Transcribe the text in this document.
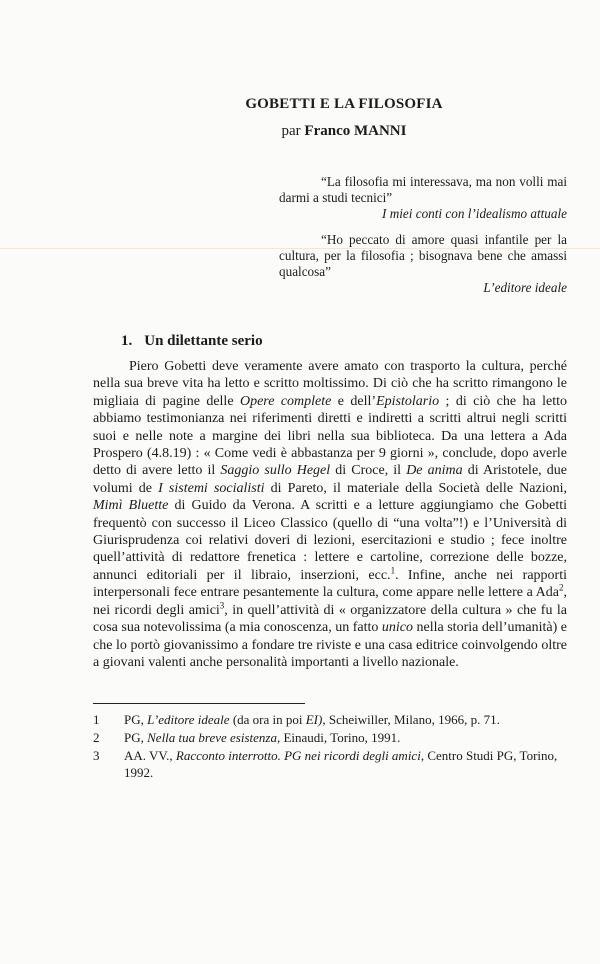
GOBETTI E LA FILOSOFIA
par Franco MANNI

“La filosofia mi interessava, ma non volli mai darmi a studi tecnici”

I miei conti con l’idealismo attuale

“Ho peccato di amore quasi infantile per la cultura, per la filosofia ; bisognava bene che amassi qualcosa”

L’editore ideale

1. Un dilettante serio

Piero Gobetti deve veramente avere amato con trasporto la cultura, perché nella sua breve vita ha letto e scritto moltissimo. Di ciò che ha scritto rimangono le migliaia di pagine delle Opere complete e dell’Epistolario ; di ciò che ha letto abbiamo testimonianza nei riferimenti diretti e indiretti a scritti altrui negli scritti suoi e nelle note a margine dei libri nella sua biblioteca. Da una lettera a Ada Prospero (4.8.19) : « Come vedi è abbastanza per 9 giorni », conclude, dopo averle detto di avere letto il Saggio sullo Hegel di Croce, il De anima di Aristotele, due volumi de I sistemi socialisti di Pareto, il materiale della Società delle Nazioni, Mimì Bluette di Guido da Verona. A scritti e a letture aggiungiamo che Gobetti frequentò con successo il Liceo Classico (quello di “una volta”!) e l’Università di Giurisprudenza coi relativi doveri di lezioni, esercitazioni e studio ; fece inoltre quell’attività di redattore frenetica : lettere e cartoline, correzione delle bozze, annunci editoriali per il libraio, inserzioni, ecc.$^1$. Infine, anche nei rapporti interpersonali fece entrare pesantemente la cultura, come appare nelle lettere a Ada$^2$, nei ricordi degli amici$^3$, in quell’attività di « organizzatore della cultura » che fu la cosa sua notevolissima (a mia conoscenza, un fatto unico nella storia dell’umanità) e che lo portò giovanissimo a fondare tre riviste e una casa editrice coinvolgendo oltre a giovani valenti anche personalità importanti a livello nazionale.

1 PG, L’editore ideale (da ora in poi EI), Scheiwiller, Milano, 1966, p. 71.

2 PG, Nella tua breve esistenza, Einaudi, Torino, 1991.

3 AA. VV., Racconto interrotto. PG nei ricordi degli amici, Centro Studi PG, Torino, 1992.
